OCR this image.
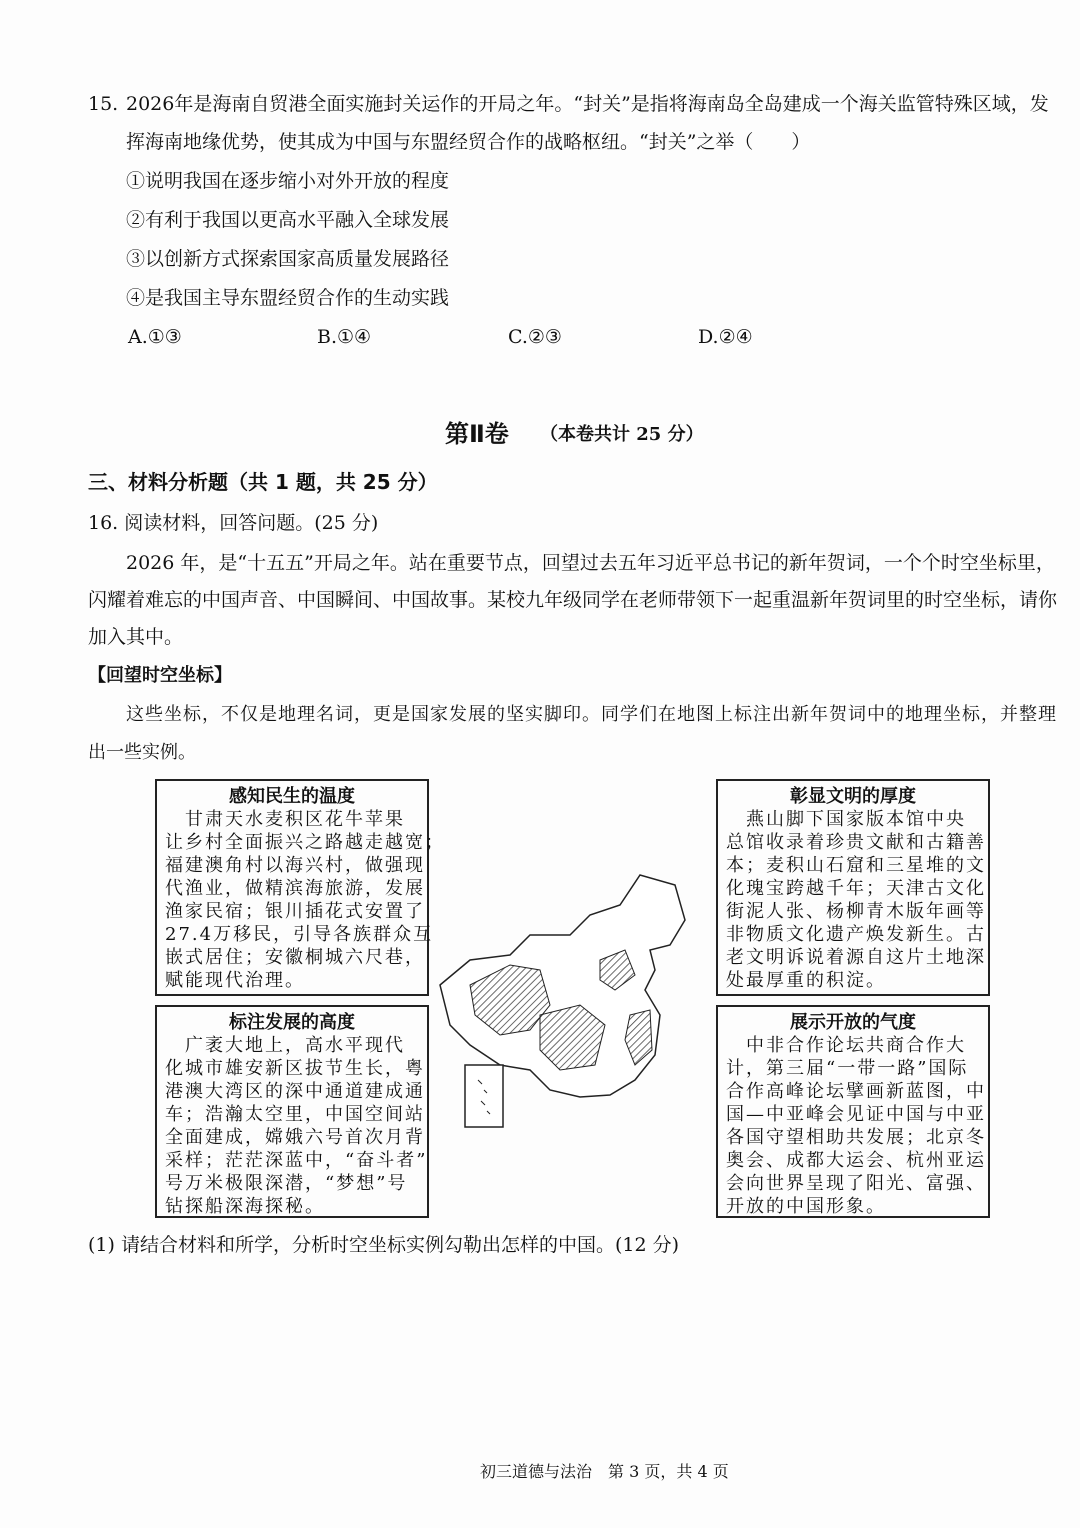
15. 2026年是海南自贸港全面实施封关运作的开局之年。“封关”是指将海南岛全岛建成一个海关监管特殊区域，发
挥海南地缘优势，使其成为中国与东盟经贸合作的战略枢纽。“封关”之举（　　）
①说明我国在逐步缩小对外开放的程度
②有利于我国以更高水平融入全球发展
③以创新方式探索国家高质量发展路径
④是我国主导东盟经贸合作的生动实践
A.①③	B.①④	C.②③	D.②④
第Ⅱ卷 （本卷共计 25 分）
三、材料分析题（共 1 题，共 25 分）
16. 阅读材料，回答问题。(25 分)
2026 年，是“十五五”开局之年。站在重要节点，回望过去五年习近平总书记的新年贺词，一个个时空坐标里，
闪耀着难忘的中国声音、中国瞬间、中国故事。某校九年级同学在老师带领下一起重温新年贺词里的时空坐标，请你
加入其中。
【回望时空坐标】
这些坐标，不仅是地理名词，更是国家发展的坚实脚印。同学们在地图上标注出新年贺词中的地理坐标，并整理
出一些实例。
感知民生的温度
　甘肃天水麦积区花牛苹果
让乡村全面振兴之路越走越宽；
福建澳角村以海兴村，做强现
代渔业，做精滨海旅游，发展
渔家民宿；银川插花式安置了
27.4万移民，引导各族群众互
嵌式居住；安徽桐城六尺巷，
赋能现代治理。
标注发展的高度
　广袤大地上，高水平现代
化城市雄安新区拔节生长，粤
港澳大湾区的深中通道建成通
车；浩瀚太空里，中国空间站
全面建成，嫦娥六号首次月背
采样；茫茫深蓝中，“奋斗者”
号万米极限深潜，“梦想”号
钻探船深海探秘。
彰显文明的厚度
　燕山脚下国家版本馆中央
总馆收录着珍贵文献和古籍善
本；麦积山石窟和三星堆的文
化瑰宝跨越千年；天津古文化
街泥人张、杨柳青木版年画等
非物质文化遗产焕发新生。古
老文明诉说着源自这片土地深
处最厚重的积淀。
展示开放的气度
　中非合作论坛共商合作大
计，第三届“一带一路”国际
合作高峰论坛擘画新蓝图，中
国—中亚峰会见证中国与中亚
各国守望相助共发展；北京冬
奥会、成都大运会、杭州亚运
会向世界呈现了阳光、富强、
开放的中国形象。
(1) 请结合材料和所学，分析时空坐标实例勾勒出怎样的中国。(12 分)
初三道德与法治　第 3 页，共 4 页
